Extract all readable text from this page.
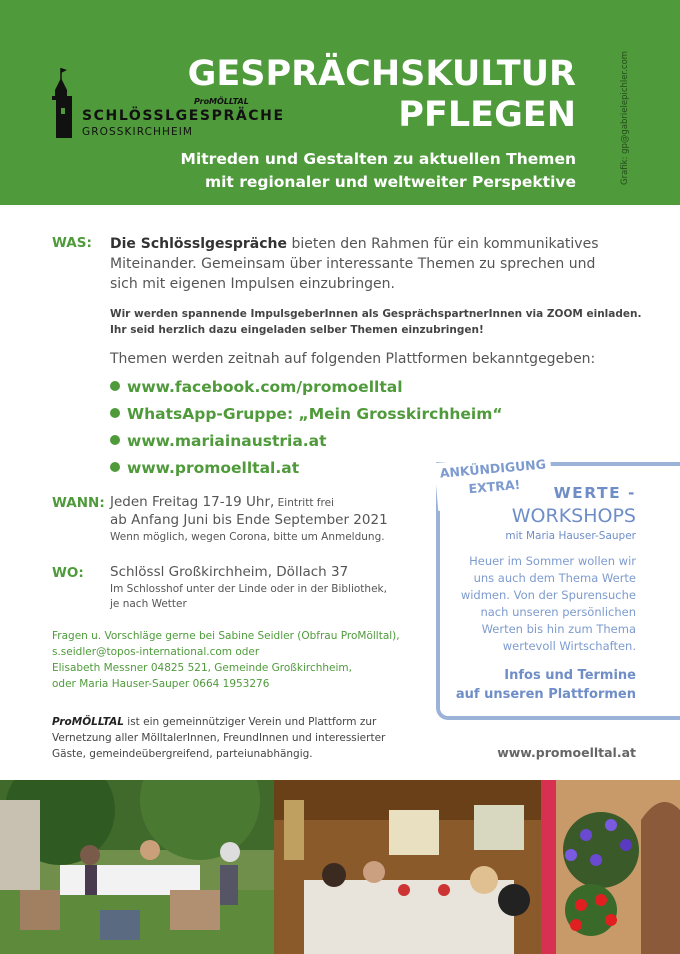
ProMÖLLTAL
SCHLÖSSLGESPRÄCHE
GROSSKIRCHHEIM
GESPRÄCHSKULTUR
PFLEGEN
Mitreden und Gestalten zu aktuellen Themen
mit regionaler und weltweiter Perspektive	Grafik: gp@gabrielepichler.com
WAS: Die Schlösslgespräche bieten den Rahmen für ein kommunikatives
Miteinander. Gemeinsam über interessante Themen zu sprechen und
sich mit eigenen Impulsen einzubringen.
Wir werden spannende ImpulsgeberInnen als GesprächspartnerInnen via ZOOM einladen.
Ihr seid herzlich dazu eingeladen selber Themen einzubringen!
Themen werden zeitnah auf folgenden Plattformen bekanntgegeben:
www.facebook.com/promoelltal
WhatsApp-Gruppe: „Mein Grosskirchheim“
www.mariainaustria.at
www.promoelltal.at
WANN: Jeden Freitag 17-19 Uhr, Eintritt frei
ab Anfang Juni bis Ende September 2021
Wenn möglich, wegen Corona, bitte um Anmeldung.
WO: Schlössl Großkirchheim, Döllach 37
Im Schlosshof unter der Linde oder in der Bibliothek,
je nach Wetter
Fragen u. Vorschläge gerne bei Sabine Seidler (Obfrau ProMölltal),
s.seidler@topos-international.com oder
Elisabeth Messner 04825 521, Gemeinde Großkirchheim,
oder Maria Hauser-Sauper 0664 1953276
ProMÖLLTAL ist ein gemeinnütziger Verein und Plattform zur
Vernetzung aller MölltalerInnen, FreundInnen und interessierter
Gäste, gemeindeübergreifend, parteiunabhängig.	www.promoelltal.at
ANKÜNDIGUNG
EXTRA!	WERTE -
WORKSHOPS
mit Maria Hauser-Sauper
Heuer im Sommer wollen wir
uns auch dem Thema Werte
widmen. Von der Spurensuche
nach unseren persönlichen
Werten bis hin zum Thema
wertevoll Wirtschaften.
Infos und Termine
auf unseren Plattformen
